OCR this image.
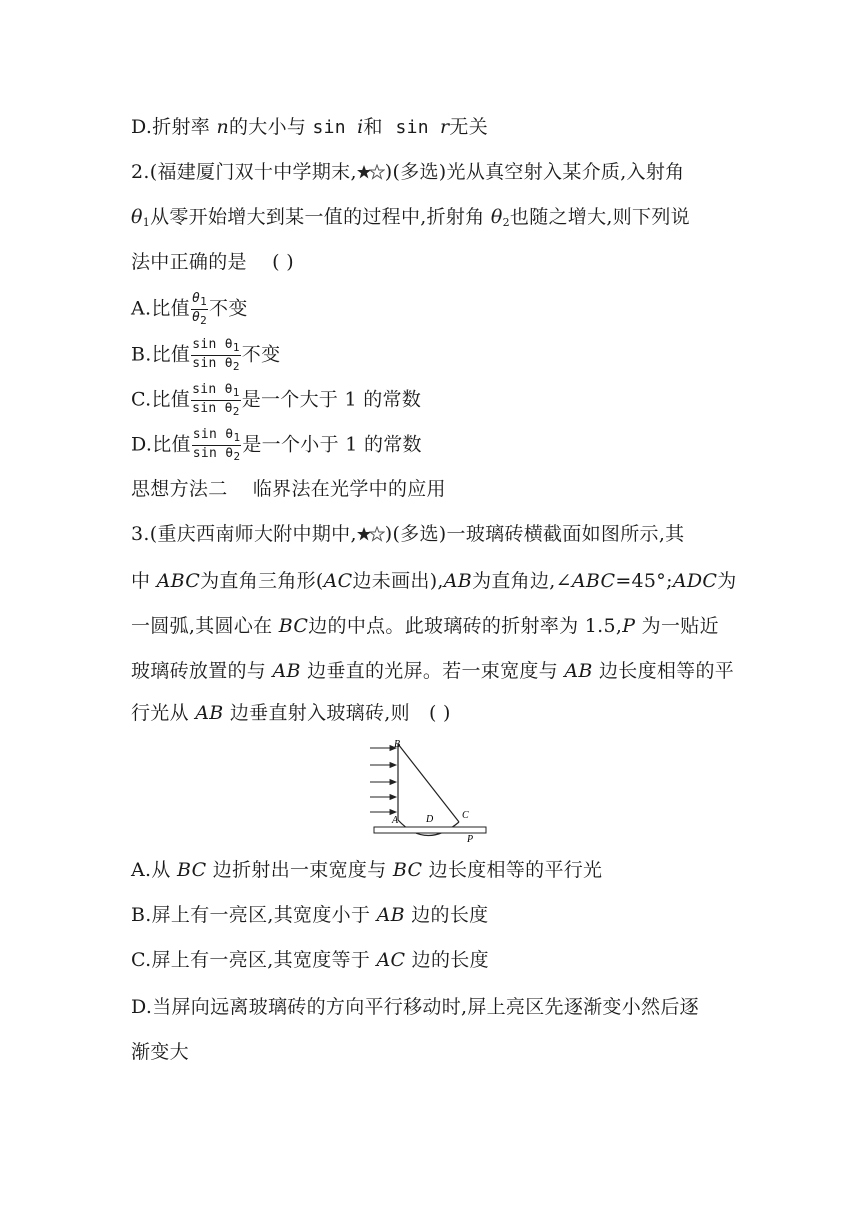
D.折射率 n的大小与 sin i和  sin r无关
2.(福建厦门双十中学期末, )(多选)光从真空射入某介质,入射角
$\theta_1$从零开始增大到某一值的过程中,折射角 $\theta_2$也随之增大,则下列说
法中正确的是 ( )
A.比值 $\frac{\theta_1}{\theta_2}$ 不变
B.比值 $\frac{\sin \theta_1}{\sin \theta_2}$ 不变
C.比值 $\frac{\sin \theta_1}{\sin \theta_2}$ 是一个大于 1 的常数
D.比值 $\frac{\sin \theta_1}{\sin \theta_2}$ 是一个小于 1 的常数
思想方法二    临界法在光学中的应用
3.(重庆西南师大附中期中, )(多选)一玻璃砖横截面如图所示,其
中 ABC为直角三角形(AC边未画出),AB为直角边,∠ABC=45°;ADC为
一圆弧,其圆心在 BC边的中点。此玻璃砖的折射率为 1.5,P 为一贴近
玻璃砖放置的与 AB 边垂直的光屏。若一束宽度与 AB 边长度相等的平
行光从 AB 边垂直射入玻璃砖,则 ( )
B
A	D	C
P
A.从 BC 边折射出一束宽度与 BC 边长度相等的平行光
B.屏上有一亮区,其宽度小于 AB 边的长度
C.屏上有一亮区,其宽度等于 AC 边的长度
D.当屏向远离玻璃砖的方向平行移动时,屏上亮区先逐渐变小然后逐
渐变大
